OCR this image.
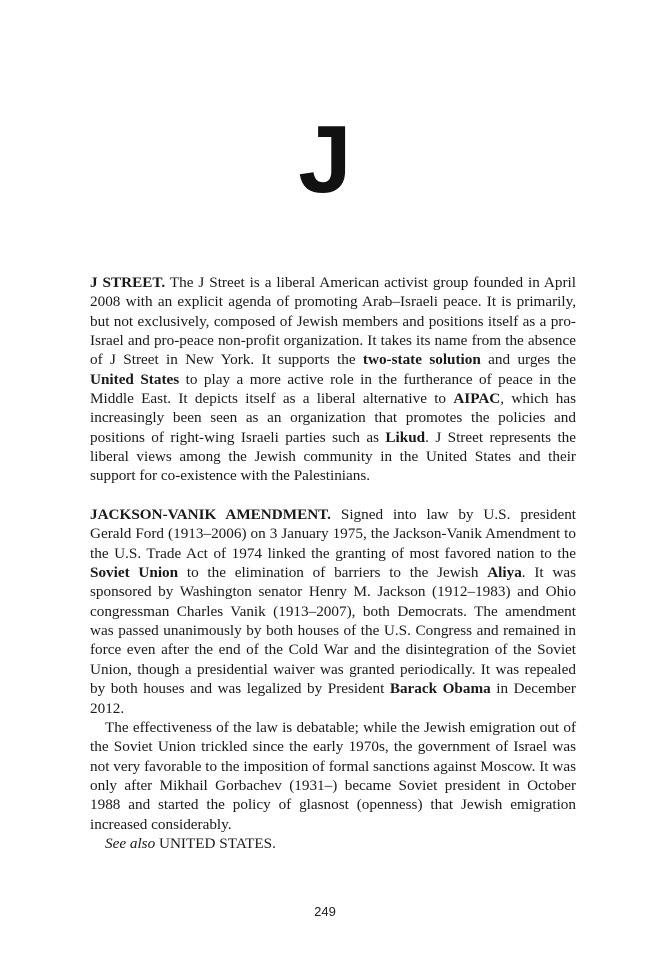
J

J STREET. The J Street is a liberal American activist group founded in April 2008 with an explicit agenda of promoting Arab–Israeli peace. It is primarily, but not exclusively, composed of Jewish members and positions itself as a pro-Israel and pro-peace non-profit organization. It takes its name from the absence of J Street in New York. It supports the two-state solution and urges the United States to play a more active role in the furtherance of peace in the Middle East. It depicts itself as a liberal alternative to AIPAC, which has increasingly been seen as an organization that promotes the policies and positions of right-wing Israeli parties such as Likud. J Street represents the liberal views among the Jewish community in the United States and their support for co-existence with the Palestinians.

JACKSON-VANIK AMENDMENT. Signed into law by U.S. president Gerald Ford (1913–2006) on 3 January 1975, the Jackson-Vanik Amendment to the U.S. Trade Act of 1974 linked the granting of most favored nation to the Soviet Union to the elimination of barriers to the Jewish Aliya. It was sponsored by Washington senator Henry M. Jackson (1912–1983) and Ohio congressman Charles Vanik (1913–2007), both Democrats. The amendment was passed unanimously by both houses of the U.S. Congress and remained in force even after the end of the Cold War and the disintegration of the Soviet Union, though a presidential waiver was granted periodically. It was repealed by both houses and was legalized by President Barack Obama in December 2012.

The effectiveness of the law is debatable; while the Jewish emigration out of the Soviet Union trickled since the early 1970s, the government of Israel was not very favorable to the imposition of formal sanctions against Moscow. It was only after Mikhail Gorbachev (1931–) became Soviet president in October 1988 and started the policy of glasnost (openness) that Jewish emigration increased considerably.

See also UNITED STATES.

249
